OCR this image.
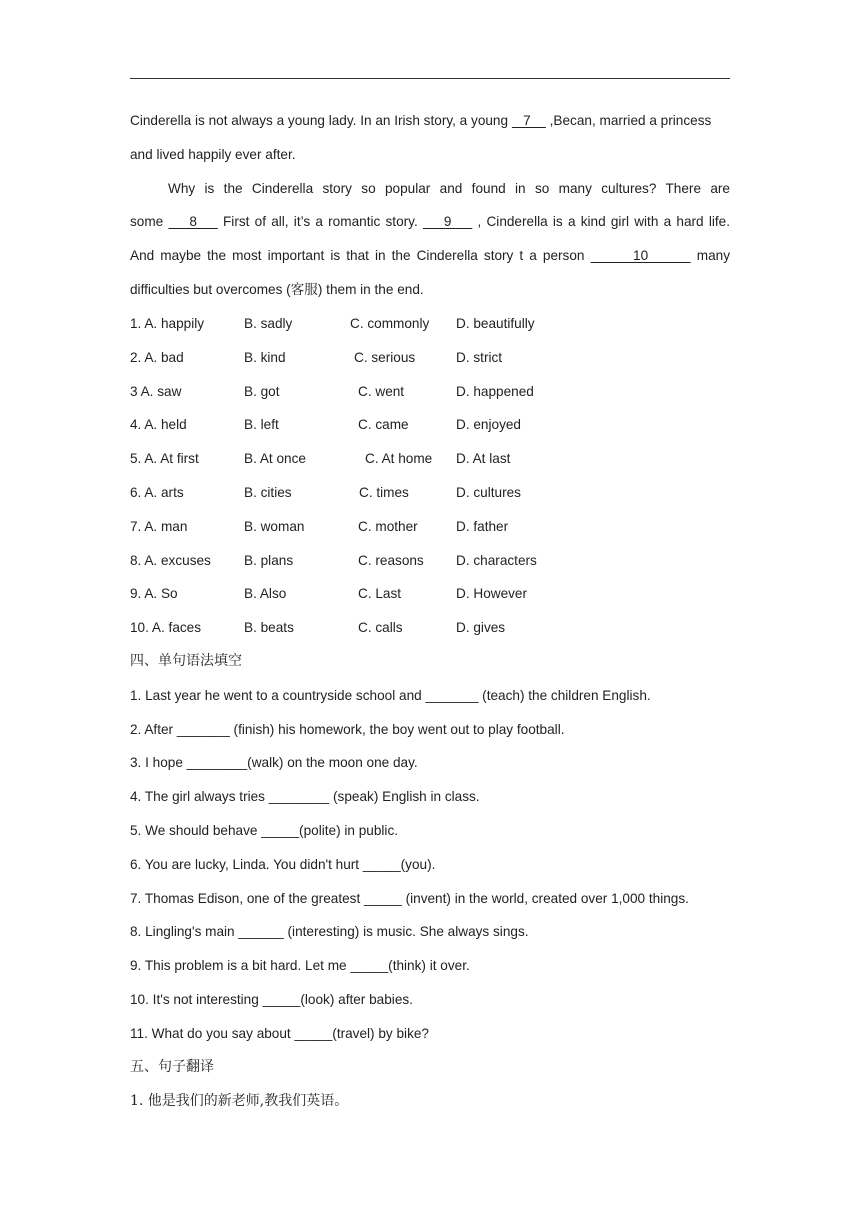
Cinderella is not always a young lady. In an Irish story, a young    7     ,Becan, married a princess
and lived happily ever after.
Why is the Cinderella story so popular and found in so many cultures? There are
some     8     First of all, it’s a romantic story.     9     , Cinderella is a kind girl with a hard life.
And maybe the most important is that in the Cinderella story t a person        10        many
difficulties but overcomes (客服) them in the end.
1. A. happily	B. sadly	C. commonly D. beautifully
2. A. bad	B. kind	C. serious	D. strict
3 A. saw	B. got	C. went	D. happened
4. A. held	B. left	C. came	D. enjoyed
5. A. At first	B. At once	C. At home D. At last
6. A. arts	B. cities	C. times	D. cultures
7. A. man	B. woman	C. mother	D. father
8. A. excuses B. plans	C. reasons D. characters
9. A. So	B. Also	C. Last	D. However
10. A. faces	B. beats	C. calls	D. gives
四、单句语法填空
1. Last year he went to a countryside school and _______ (teach) the children English.
2. After _______ (finish) his homework, the boy went out to play football.
3. I hope ________(walk) on the moon one day.
4. The girl always tries ________ (speak) English in class.
5. We should behave _____(polite) in public.
6. You are lucky, Linda. You didn't hurt _____(you).
7. Thomas Edison, one of the greatest _____ (invent) in the world, created over 1,000 things.
8. Lingling's main ______ (interesting) is music. She always sings.
9. This problem is a bit hard. Let me _____(think) it over.
10. It's not interesting _____(look) after babies.
11. What do you say about _____(travel) by bike?
五、句子翻译
1. 他是我们的新老师,教我们英语。
